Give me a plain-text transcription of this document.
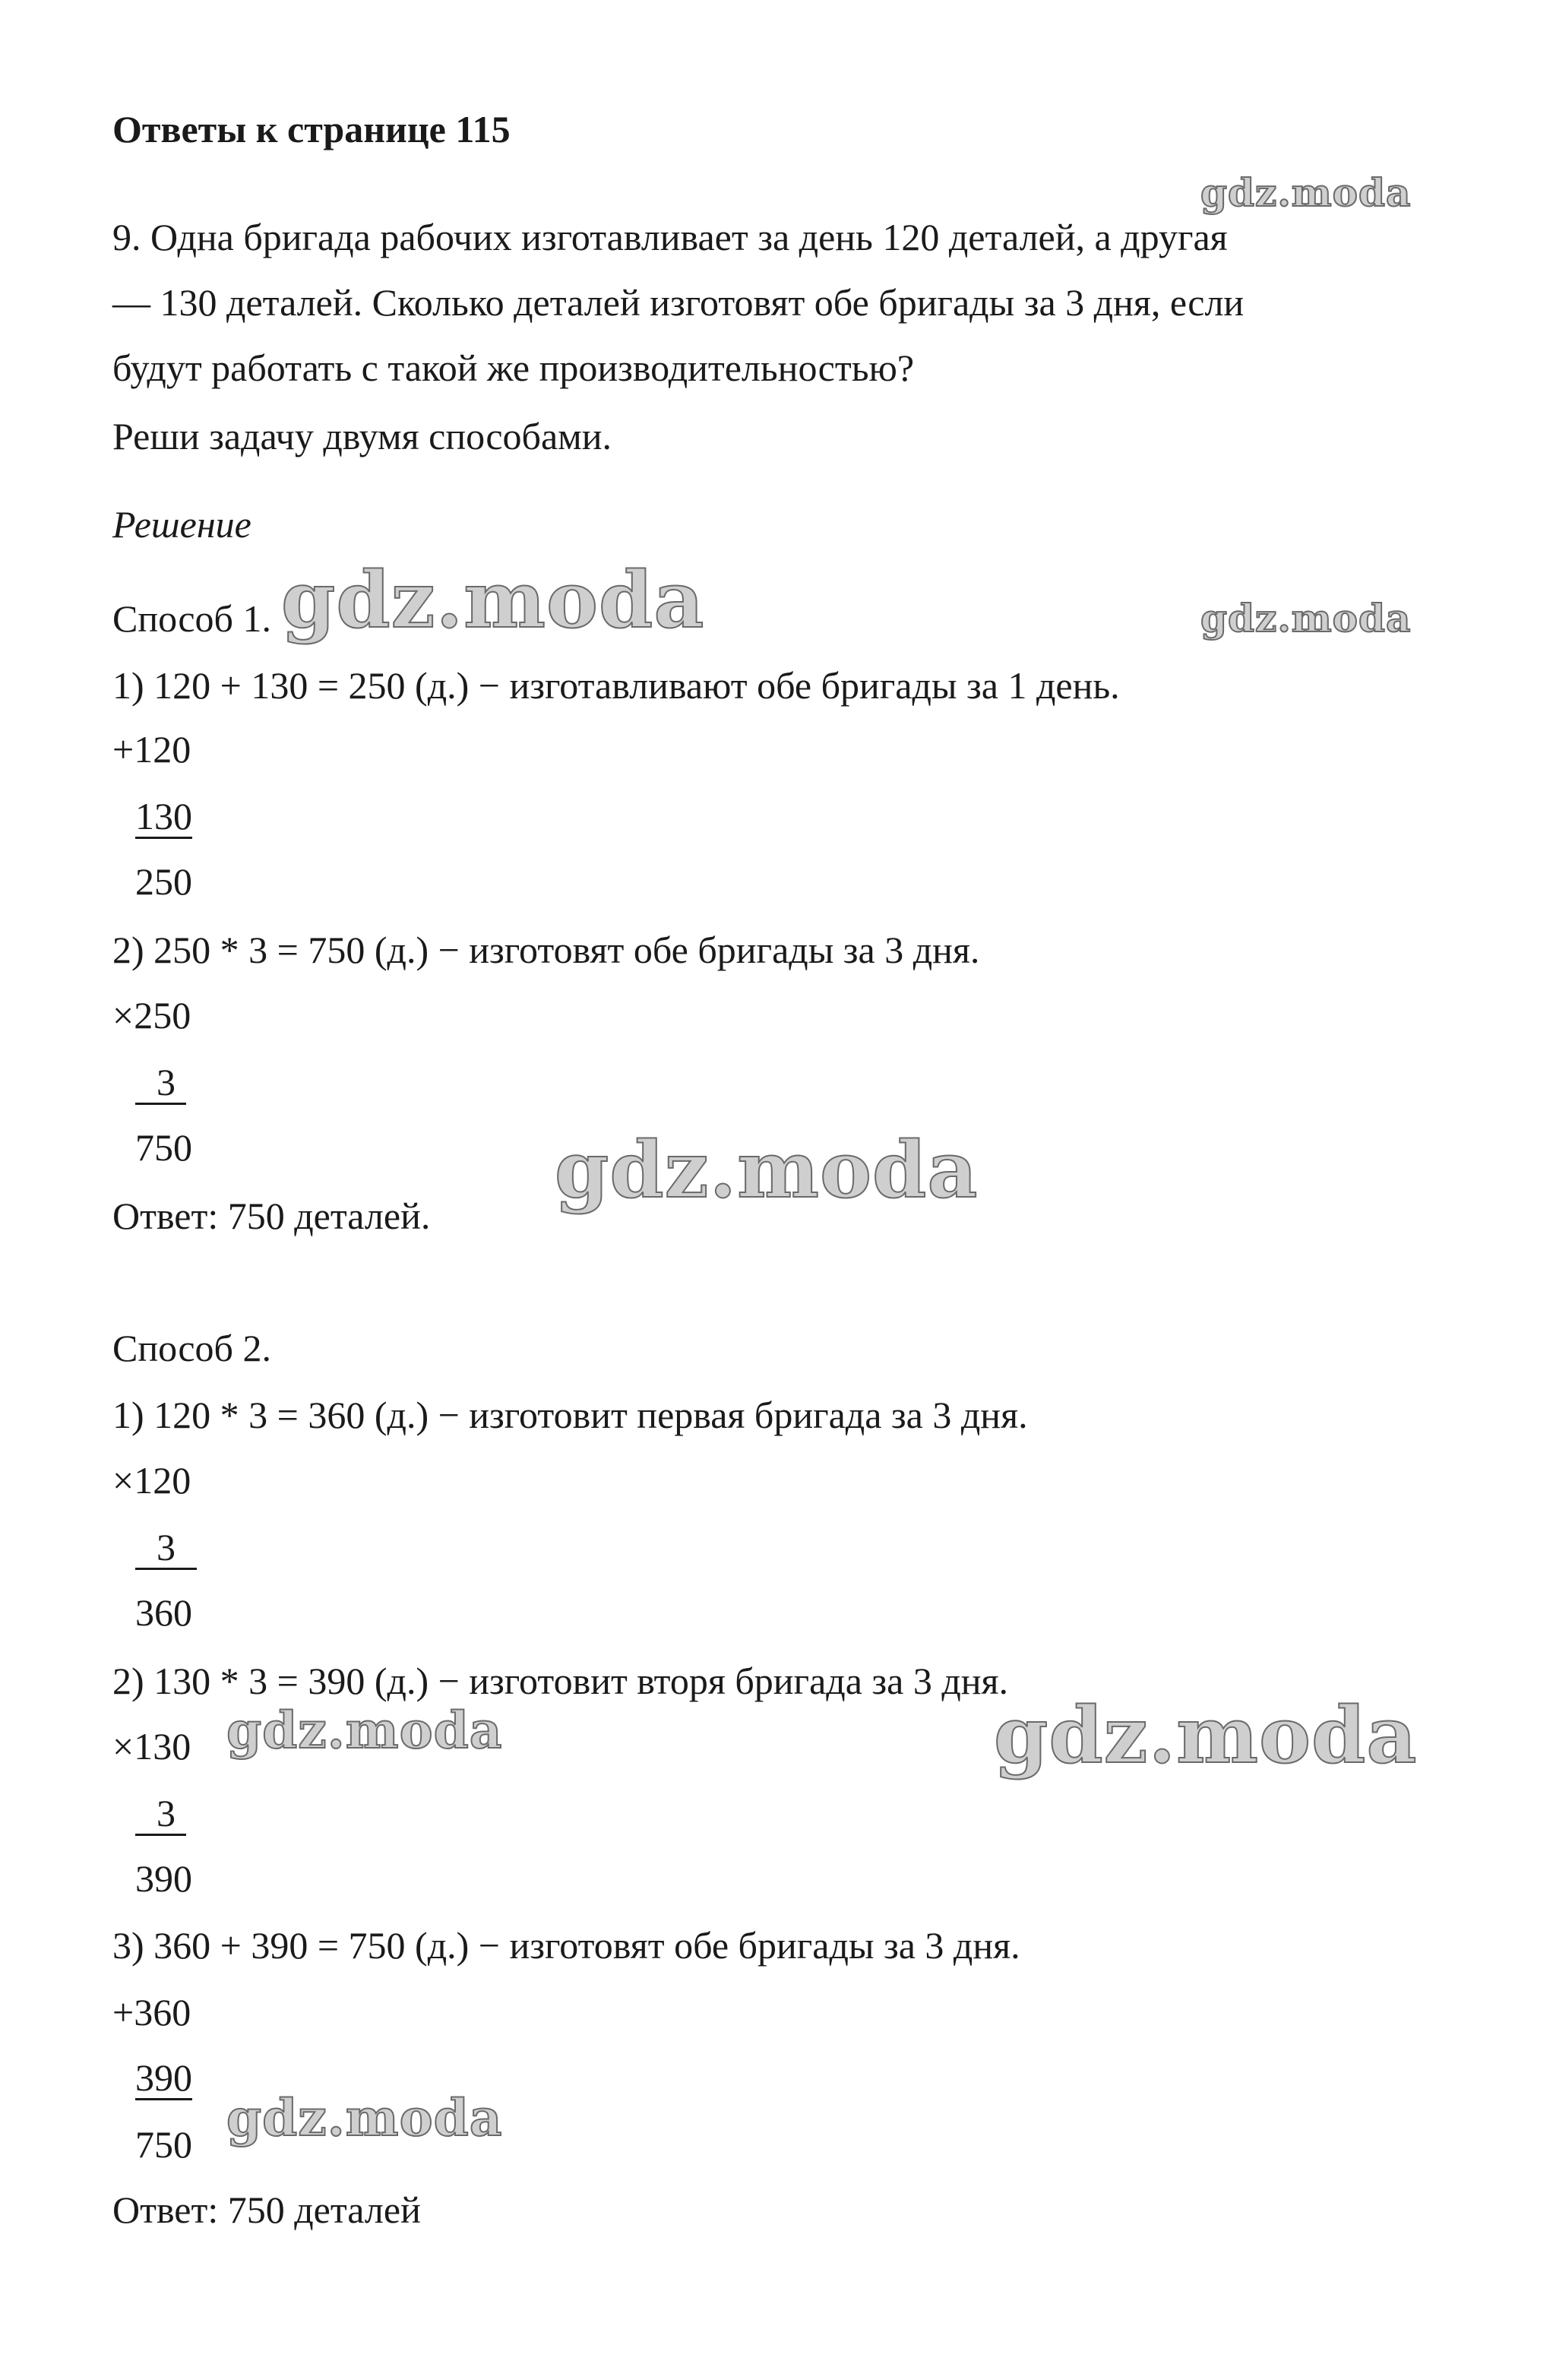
Ответы к странице 115
9. Одна бригада рабочих изготавливает за день 120 деталей, а другая
— 130 деталей. Сколько деталей изготовят обе бригады за 3 дня, если
будут работать с такой же производительностью?
Реши задачу двумя способами.
Решение
Способ 1.
1) 120 + 130 = 250 (д.) − изготавливают обе бригады за 1 день.
+120
130
250
2) 250 * 3 = 750 (д.) − изготовят обе бригады за 3 дня.
×250
3
750
Ответ: 750 деталей.
Способ 2.
1) 120 * 3 = 360 (д.) − изготовит первая бригада за 3 дня.
×120
3
360
2) 130 * 3 = 390 (д.) − изготовит вторя бригада за 3 дня.
×130
3
390
3) 360 + 390 = 750 (д.) − изготовят обе бригады за 3 дня.
+360
390
750
Ответ: 750 деталей
gdz.moda
gdz.moda	gdz.moda
gdz.moda
gdz.moda	gdz.moda
gdz.moda
